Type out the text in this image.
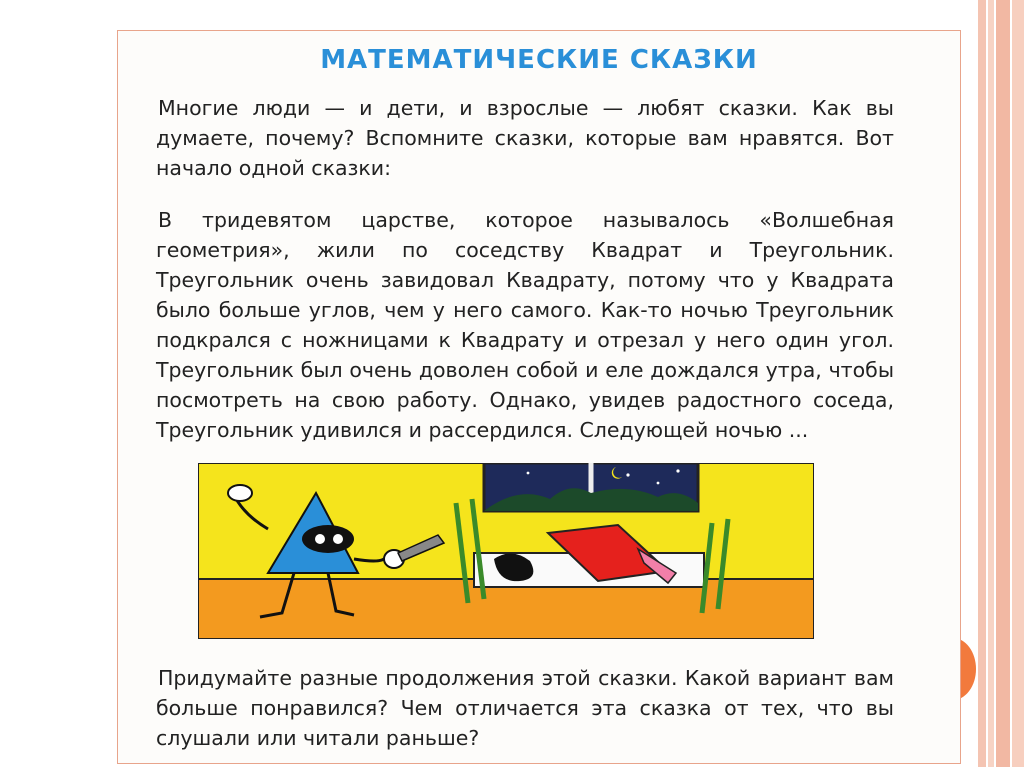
МАТЕМАТИЧЕСКИЕ СКАЗКИ
Многие люди — и дети, и взрослые — любят сказки. Как вы думаете, почему? Вспомните сказки, которые вам нравятся. Вот начало одной сказки:
В тридевятом царстве, которое называлось «Волшебная геометрия», жили по соседству Квадрат и Треугольник. Треугольник очень завидовал Квадрату, потому что у Квадрата было больше углов, чем у него самого. Как-то ночью Треугольник подкрался с ножницами к Квадрату и отрезал у него один угол. Треугольник был очень доволен собой и еле дождался утра, чтобы посмотреть на свою работу. Однако, увидев радостного соседа, Треугольник удивился и рассердился. Следующей ночью ...
Придумайте разные продолжения этой сказки. Какой вариант вам больше понравился? Чем отличается эта сказка от тех, что вы слушали или читали раньше?
